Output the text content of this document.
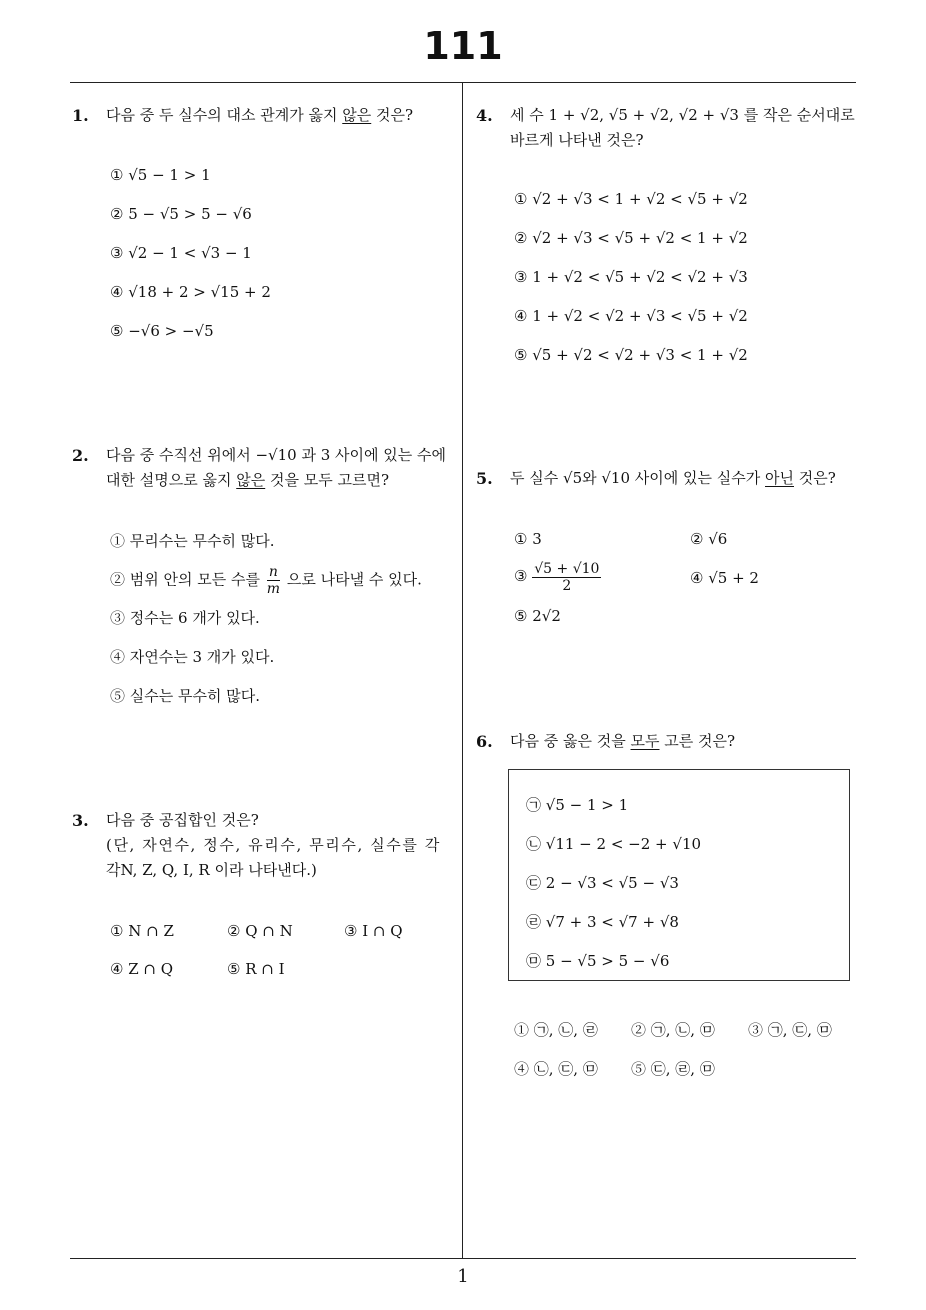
111
1
1. 다음 중 두 실수의 대소 관계가 옳지 않은 것은?
① √5 − 1 > 1
② 5 − √5 > 5 − √6
③ √2 − 1 < √3 − 1
④ √18 + 2 > √15 + 2
⑤ −√6 > −√5
2. 다음 중 수직선 위에서 −√10 과 3 사이에 있는 수에 대한 설명으로 옳지 않은 것을 모두 고르면?
① 무리수는 무수히 많다.
② 범위 안의 모든 수를 $\frac{n}{m}$ 으로 나타낼 수 있다.
③ 정수는 6 개가 있다.
④ 자연수는 3 개가 있다.
⑤ 실수는 무수히 많다.
3. 다음 중 공집합인 것은?
(단, 자연수, 정수, 유리수, 무리수, 실수를 각
각N, Z, Q, I, R 이라 나타낸다.)
① N ∩ Z	② Q ∩ N	③ I ∩ Q
④ Z ∩ Q	⑤ R ∩ I
4. 세 수 1 + √2, √5 + √2, √2 + √3 를 작은 순서대로
바르게 나타낸 것은?
① √2 + √3 < 1 + √2 < √5 + √2
② √2 + √3 < √5 + √2 < 1 + √2
③ 1 + √2 < √5 + √2 < √2 + √3
④ 1 + √2 < √2 + √3 < √5 + √2
⑤ √5 + √2 < √2 + √3 < 1 + √2
5. 두 실수 √5와 √10 사이에 있는 실수가 아닌 것은?
① 3	② √6
③ $\frac{√5 + √10}{2}$	④ √5 + 2
⑤ 2√2
6. 다음 중 옳은 것을 모두 고른 것은?
㉠ √5 − 1 > 1
㉡ √11 − 2 < −2 + √10
㉢ 2 − √3 < √5 − √3
㉣ √7 + 3 < √7 + √8
㉤ 5 − √5 > 5 − √6
① ㉠, ㉡, ㉣ ② ㉠, ㉡, ㉤ ③ ㉠, ㉢, ㉤
④ ㉡, ㉢, ㉤ ⑤ ㉢, ㉣, ㉤
